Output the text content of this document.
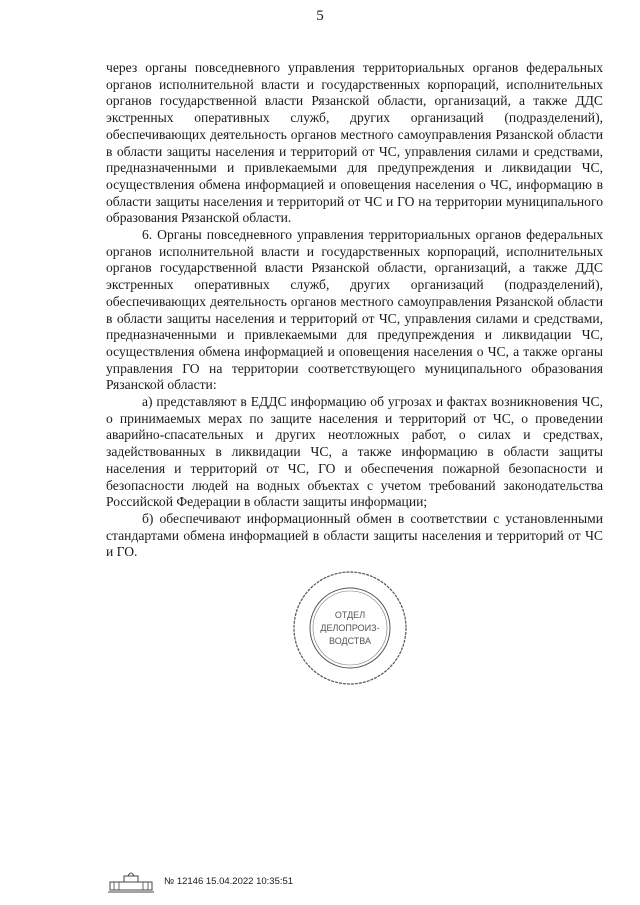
5

через органы повседневного управления территориальных органов федеральных органов исполнительной власти и государственных корпораций, исполнительных органов государственной власти Рязанской области, организаций, а также ДДС экстренных оперативных служб, других организаций (подразделений), обеспечивающих деятельность органов местного самоуправления Рязанской области в области защиты населения и территорий от ЧС, управления силами и средствами, предназначенными и привлекаемыми для предупреждения и ликвидации ЧС, осуществления обмена информацией и оповещения населения о ЧС, информацию в области защиты населения и территорий от ЧС и ГО на территории муниципального образования Рязанской области.

6. Органы повседневного управления территориальных органов федеральных органов исполнительной власти и государственных корпораций, исполнительных органов государственной власти Рязанской области, организаций, а также ДДС экстренных оперативных служб, других организаций (подразделений), обеспечивающих деятельность органов местного самоуправления Рязанской области в области защиты населения и территорий от ЧС, управления силами и средствами, предназначенными и привлекаемыми для предупреждения и ликвидации ЧС, осуществления обмена информацией и оповещения населения о ЧС, а также органы управления ГО на территории соответствующего муниципального образования Рязанской области:

а) представляют в ЕДДС информацию об угрозах и фактах возникновения ЧС, о принимаемых мерах по защите населения и территорий от ЧС, о проведении аварийно-спасательных и других неотложных работ, о силах и средствах, задействованных в ликвидации ЧС, а также информацию в области защиты населения и территорий от ЧС, ГО и обеспечения пожарной безопасности и безопасности людей на водных объектах с учетом требований законодательства Российской Федерации в области защиты информации;

б) обеспечивают информационный обмен в соответствии с установленными стандартами обмена информацией в области защиты населения и территорий от ЧС и ГО.

ОТДЕЛ
ДЕЛОПРОИЗ-
ВОДСТВА
№ 12146 15.04.2022 10:35:51
